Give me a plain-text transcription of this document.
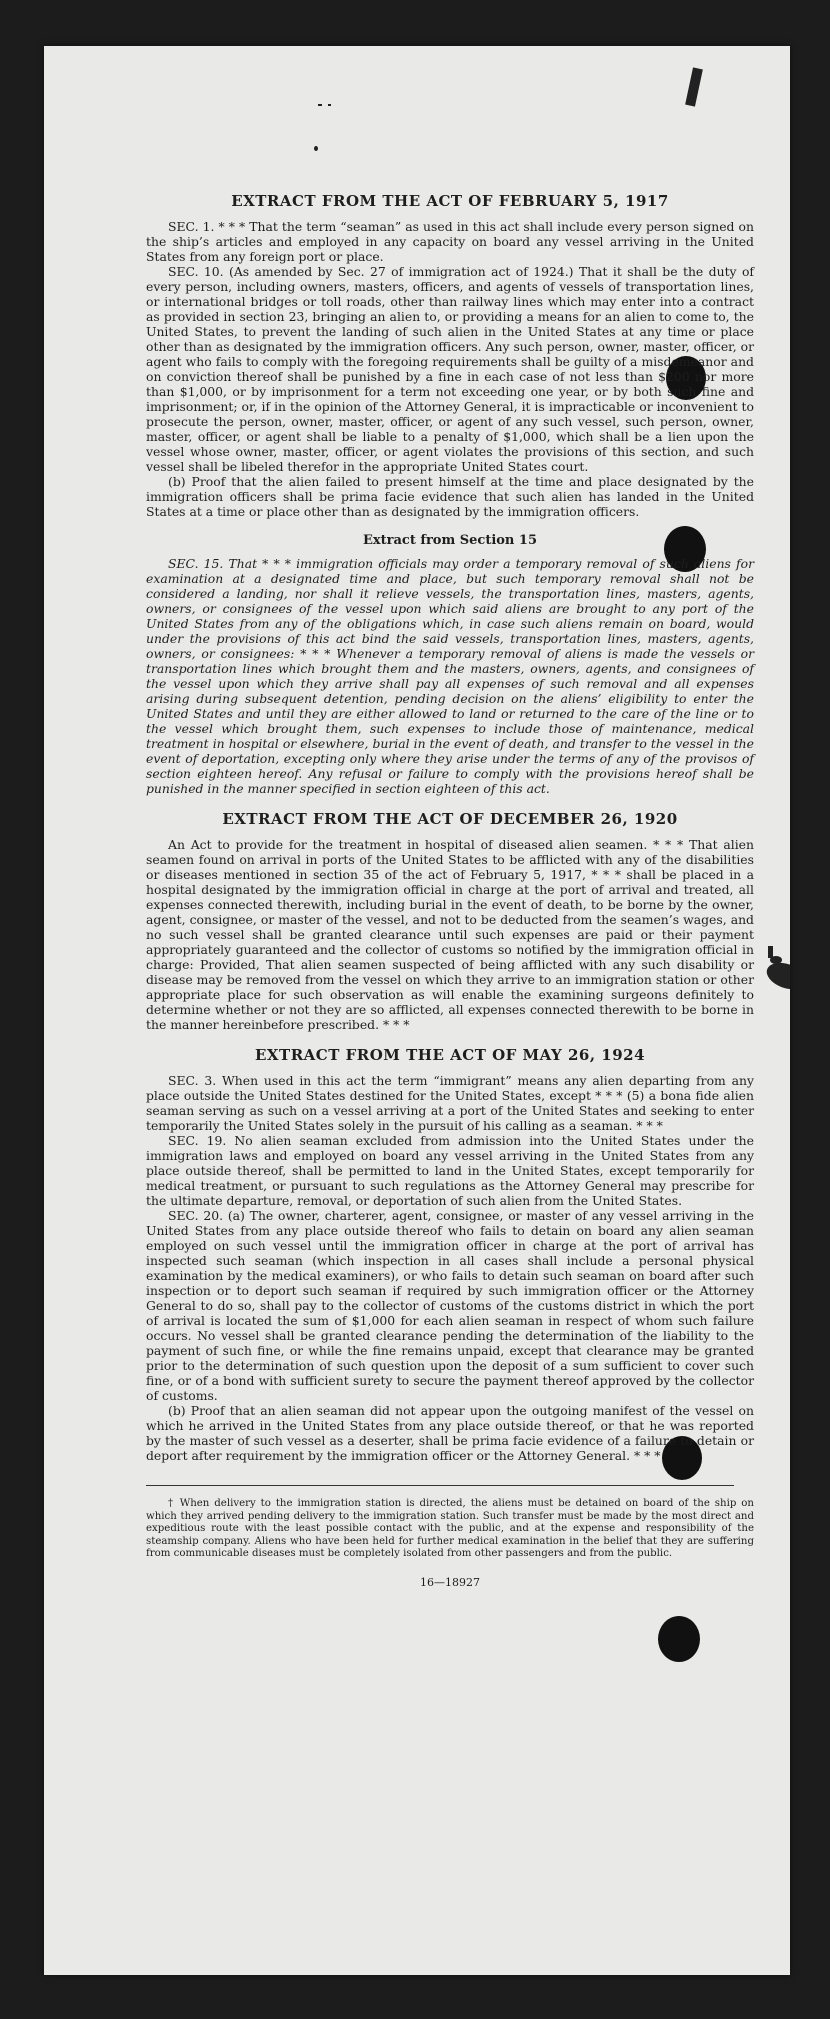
EXTRACT FROM THE ACT OF FEBRUARY 5, 1917

SEC. 1. * * * That the term “seaman” as used in this act shall include every person signed on the ship’s articles and employed in any capacity on board any vessel arriving in the United States from any foreign port or place.

SEC. 10. (As amended by Sec. 27 of immigration act of 1924.) That it shall be the duty of every person, including owners, masters, officers, and agents of vessels of transportation lines, or international bridges or toll roads, other than railway lines which may enter into a contract as provided in section 23, bringing an alien to, or providing a means for an alien to come to, the United States, to prevent the landing of such alien in the United States at any time or place other than as designated by the immigration officers. Any such person, owner, master, officer, or agent who fails to comply with the foregoing requirements shall be guilty of a misdemeanor and on conviction thereof shall be punished by a fine in each case of not less than $200 nor more than $1,000, or by imprisonment for a term not exceeding one year, or by both such fine and imprisonment; or, if in the opinion of the Attorney General, it is impracticable or inconvenient to prosecute the person, owner, master, officer, or agent of any such vessel, such person, owner, master, officer, or agent shall be liable to a penalty of $1,000, which shall be a lien upon the vessel whose owner, master, officer, or agent violates the provisions of this section, and such vessel shall be libeled therefor in the appropriate United States court.

(b) Proof that the alien failed to present himself at the time and place designated by the immigration officers shall be prima facie evidence that such alien has landed in the United States at a time or place other than as designated by the immigration officers.

Extract from Section 15

SEC. 15. That * * * immigration officials may order a temporary removal of such aliens for examination at a designated time and place, but such temporary removal shall not be considered a landing, nor shall it relieve vessels, the transportation lines, masters, agents, owners, or consignees of the vessel upon which said aliens are brought to any port of the United States from any of the obligations which, in case such aliens remain on board, would under the provisions of this act bind the said vessels, transportation lines, masters, agents, owners, or consignees: * * * Whenever a temporary removal of aliens is made the vessels or transportation lines which brought them and the masters, owners, agents, and consignees of the vessel upon which they arrive shall pay all expenses of such removal and all expenses arising during subsequent detention, pending decision on the aliens’ eligibility to enter the United States and until they are either allowed to land or returned to the care of the line or to the vessel which brought them, such expenses to include those of maintenance, medical treatment in hospital or elsewhere, burial in the event of death, and transfer to the vessel in the event of deportation, excepting only where they arise under the terms of any of the provisos of section eighteen hereof. Any refusal or failure to comply with the provisions hereof shall be punished in the manner specified in section eighteen of this act.

EXTRACT FROM THE ACT OF DECEMBER 26, 1920

An Act to provide for the treatment in hospital of diseased alien seamen. * * * That alien seamen found on arrival in ports of the United States to be afflicted with any of the disabilities or diseases mentioned in section 35 of the act of February 5, 1917, * * * shall be placed in a hospital designated by the immigration official in charge at the port of arrival and treated, all expenses connected therewith, including burial in the event of death, to be borne by the owner, agent, consignee, or master of the vessel, and not to be deducted from the seamen’s wages, and no such vessel shall be granted clearance until such expenses are paid or their payment appropriately guaranteed and the collector of customs so notified by the immigration official in charge: Provided, That alien seamen suspected of being afflicted with any such disability or disease may be removed from the vessel on which they arrive to an immigration station or other appropriate place for such observation as will enable the examining surgeons definitely to determine whether or not they are so afflicted, all expenses connected therewith to be borne in the manner hereinbefore prescribed. * * *

EXTRACT FROM THE ACT OF MAY 26, 1924

SEC. 3. When used in this act the term “immigrant” means any alien departing from any place outside the United States destined for the United States, except * * * (5) a bona fide alien seaman serving as such on a vessel arriving at a port of the United States and seeking to enter temporarily the United States solely in the pursuit of his calling as a seaman. * * *

SEC. 19. No alien seaman excluded from admission into the United States under the immigration laws and employed on board any vessel arriving in the United States from any place outside thereof, shall be permitted to land in the United States, except temporarily for medical treatment, or pursuant to such regulations as the Attorney General may prescribe for the ultimate departure, removal, or deportation of such alien from the United States.

SEC. 20. (a) The owner, charterer, agent, consignee, or master of any vessel arriving in the United States from any place outside thereof who fails to detain on board any alien seaman employed on such vessel until the immigration officer in charge at the port of arrival has inspected such seaman (which inspection in all cases shall include a personal physical examination by the medical examiners), or who fails to detain such seaman on board after such inspection or to deport such seaman if required by such immigration officer or the Attorney General to do so, shall pay to the collector of customs of the customs district in which the port of arrival is located the sum of $1,000 for each alien seaman in respect of whom such failure occurs. No vessel shall be granted clearance pending the determination of the liability to the payment of such fine, or while the fine remains unpaid, except that clearance may be granted prior to the determination of such question upon the deposit of a sum sufficient to cover such fine, or of a bond with sufficient surety to secure the payment thereof approved by the collector of customs.

(b) Proof that an alien seaman did not appear upon the outgoing manifest of the vessel on which he arrived in the United States from any place outside thereof, or that he was reported by the master of such vessel as a deserter, shall be prima facie evidence of a failure to detain or deport after requirement by the immigration officer or the Attorney General. * * *

† When delivery to the immigration station is directed, the aliens must be detained on board of the ship on which they arrived pending delivery to the immigration station. Such transfer must be made by the most direct and expeditious route with the least possible contact with the public, and at the expense and responsibility of the steamship company. Aliens who have been held for further medical examination in the belief that they are suffering from communicable diseases must be completely isolated from other passengers and from the public.

16—18927
